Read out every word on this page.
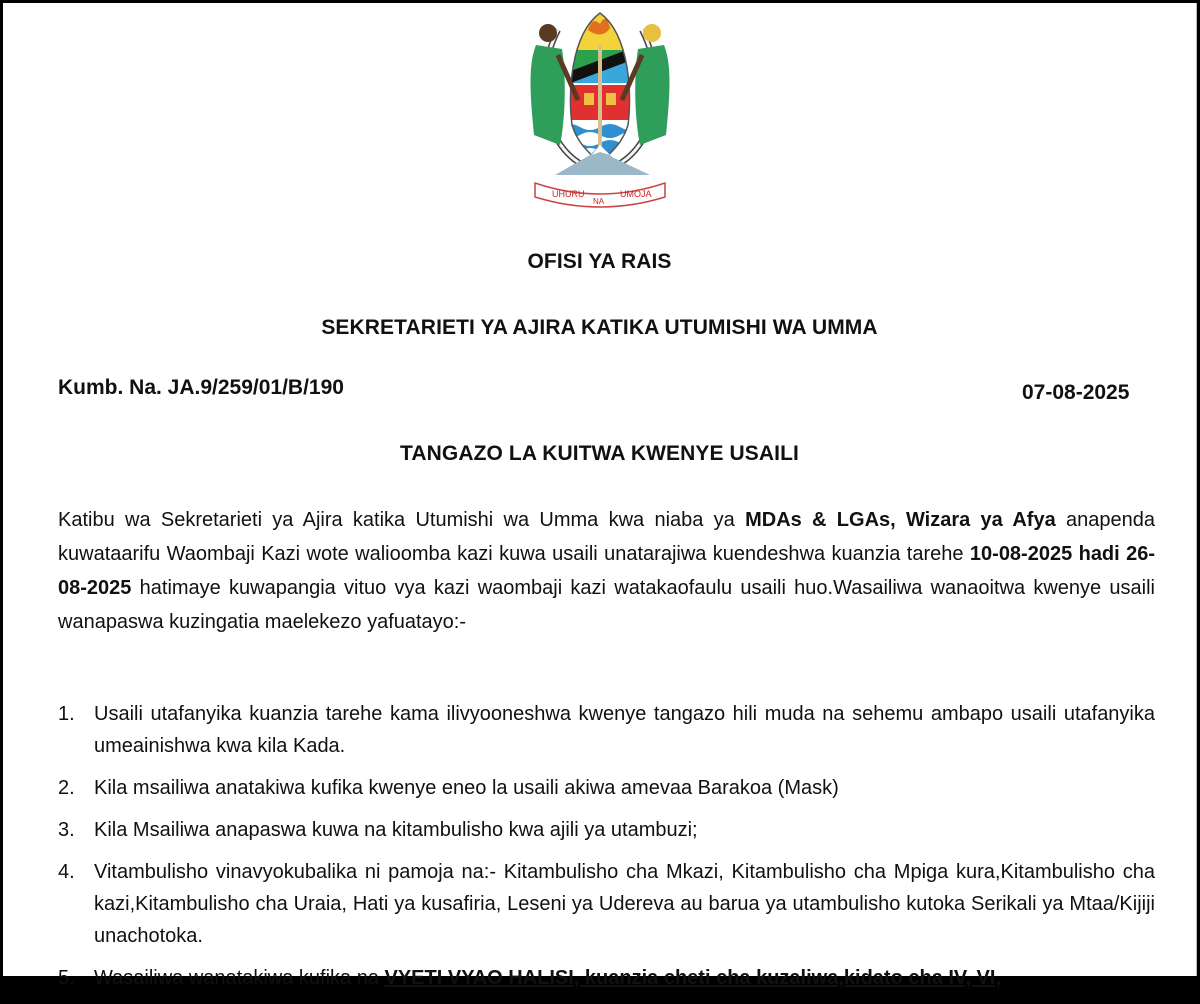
UHURU
NA
UMOJA
OFISI YA RAIS
SEKRETARIETI YA AJIRA KATIKA UTUMISHI WA UMMA
Kumb. Na. JA.9/259/01/B/190	07-08-2025
TANGAZO LA KUITWA KWENYE USAILI
Katibu wa Sekretarieti ya Ajira katika Utumishi wa Umma kwa niaba ya MDAs & LGAs, Wizara ya Afya anapenda kuwataarifu Waombaji Kazi wote walioomba kazi kuwa usaili unatarajiwa kuendeshwa kuanzia tarehe 10-08-2025 hadi 26-08-2025 hatimaye kuwapangia vituo vya kazi waombaji kazi watakaofaulu usaili huo.Wasailiwa wanaoitwa kwenye usaili wanapaswa kuzingatia maelekezo yafuatayo:-
1. Usaili utafanyika kuanzia tarehe kama ilivyooneshwa kwenye tangazo hili muda na sehemu ambapo usaili utafanyika umeainishwa kwa kila Kada.
2. Kila msailiwa anatakiwa kufika kwenye eneo la usaili akiwa amevaa Barakoa (Mask)
3. Kila Msailiwa anapaswa kuwa na kitambulisho kwa ajili ya utambuzi;
4. Vitambulisho vinavyokubalika ni pamoja na:- Kitambulisho cha Mkazi, Kitambulisho cha Mpiga kura,Kitambulisho cha kazi,Kitambulisho cha Uraia, Hati ya kusafiria, Leseni ya Udereva au barua ya utambulisho kutoka Serikali ya Mtaa/Kijiji unachotoka.
5. Wasailiwa wanatakiwa kufika na VYETI VYAO HALISI, kuanzia cheti cha kuzaliwa,kidato cha IV, VI,
